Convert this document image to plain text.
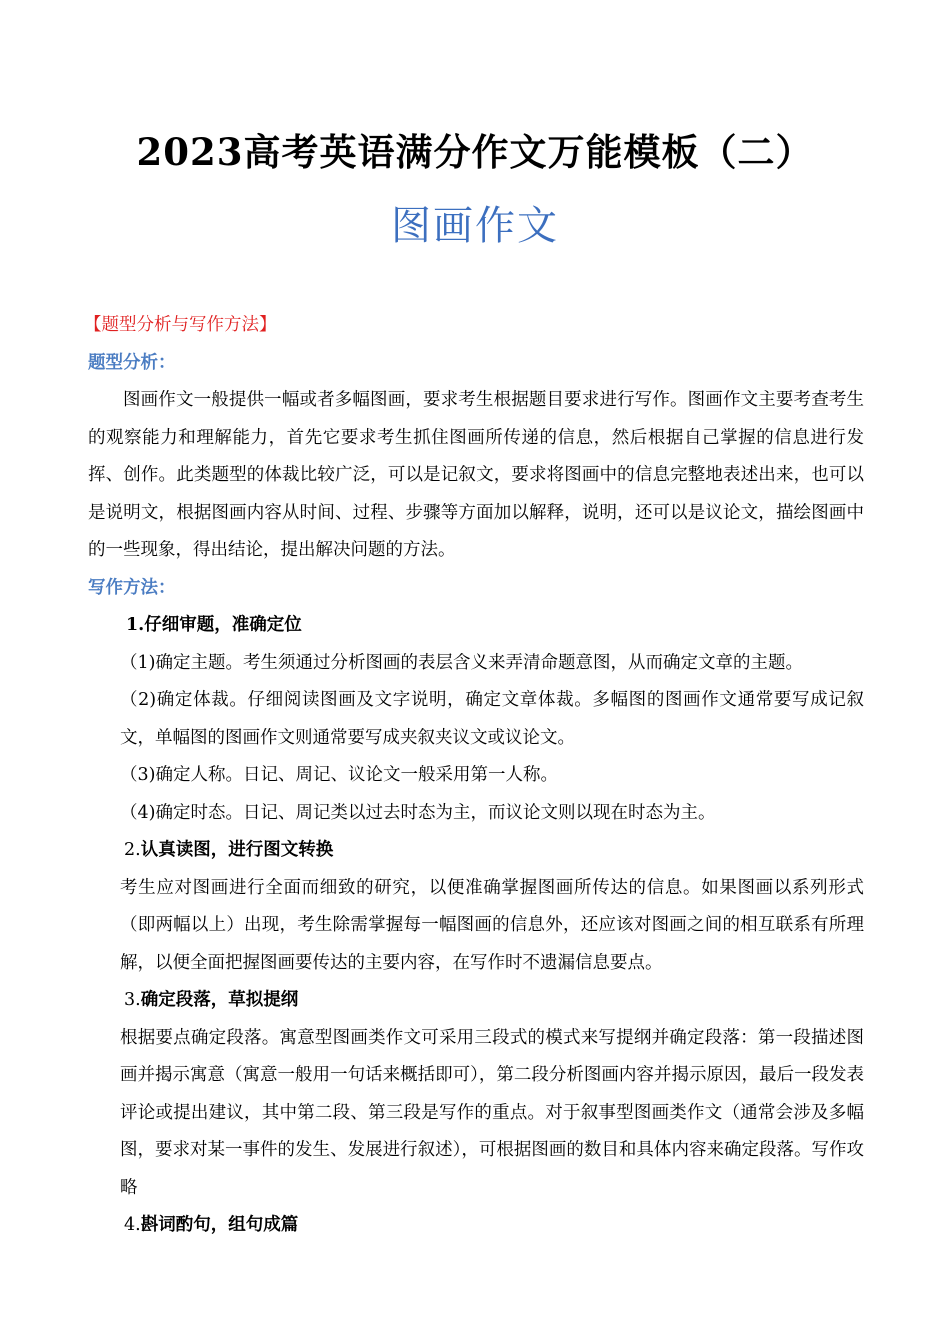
2023高考英语满分作文万能模板（二）
图画作文
【题型分析与写作方法】
题型分析：
图画作文一般提供一幅或者多幅图画，要求考生根据题目要求进行写作。图画作文主要考查考生的观察能力和理解能力，首先它要求考生抓住图画所传递的信息，然后根据自己掌握的信息进行发挥、创作。此类题型的体裁比较广泛，可以是记叙文，要求将图画中的信息完整地表述出来，也可以是说明文，根据图画内容从时间、过程、步骤等方面加以解释，说明，还可以是议论文，描绘图画中的一些现象，得出结论，提出解决问题的方法。
写作方法：
1.仔细审题，准确定位
（1)确定主题。考生须通过分析图画的表层含义来弄清命题意图，从而确定文章的主题。
（2)确定体裁。仔细阅读图画及文字说明，确定文章体裁。多幅图的图画作文通常要写成记叙文，单幅图的图画作文则通常要写成夹叙夹议文或议论文。
（3)确定人称。日记、周记、议论文一般采用第一人称。
（4)确定时态。日记、周记类以过去时态为主，而议论文则以现在时态为主。
2.认真读图，进行图文转换
考生应对图画进行全面而细致的研究，以便准确掌握图画所传达的信息。如果图画以系列形式（即两幅以上）出现，考生除需掌握每一幅图画的信息外，还应该对图画之间的相互联系有所理解，以便全面把握图画要传达的主要内容，在写作时不遗漏信息要点。
3.确定段落，草拟提纲
根据要点确定段落。寓意型图画类作文可采用三段式的模式来写提纲并确定段落：第一段描述图画并揭示寓意（寓意一般用一句话来概括即可），第二段分析图画内容并揭示原因，最后一段发表评论或提出建议，其中第二段、第三段是写作的重点。对于叙事型图画类作文（通常会涉及多幅图，要求对某一事件的发生、发展进行叙述），可根据图画的数目和具体内容来确定段落。写作攻略
4.斟词酌句，组句成篇
